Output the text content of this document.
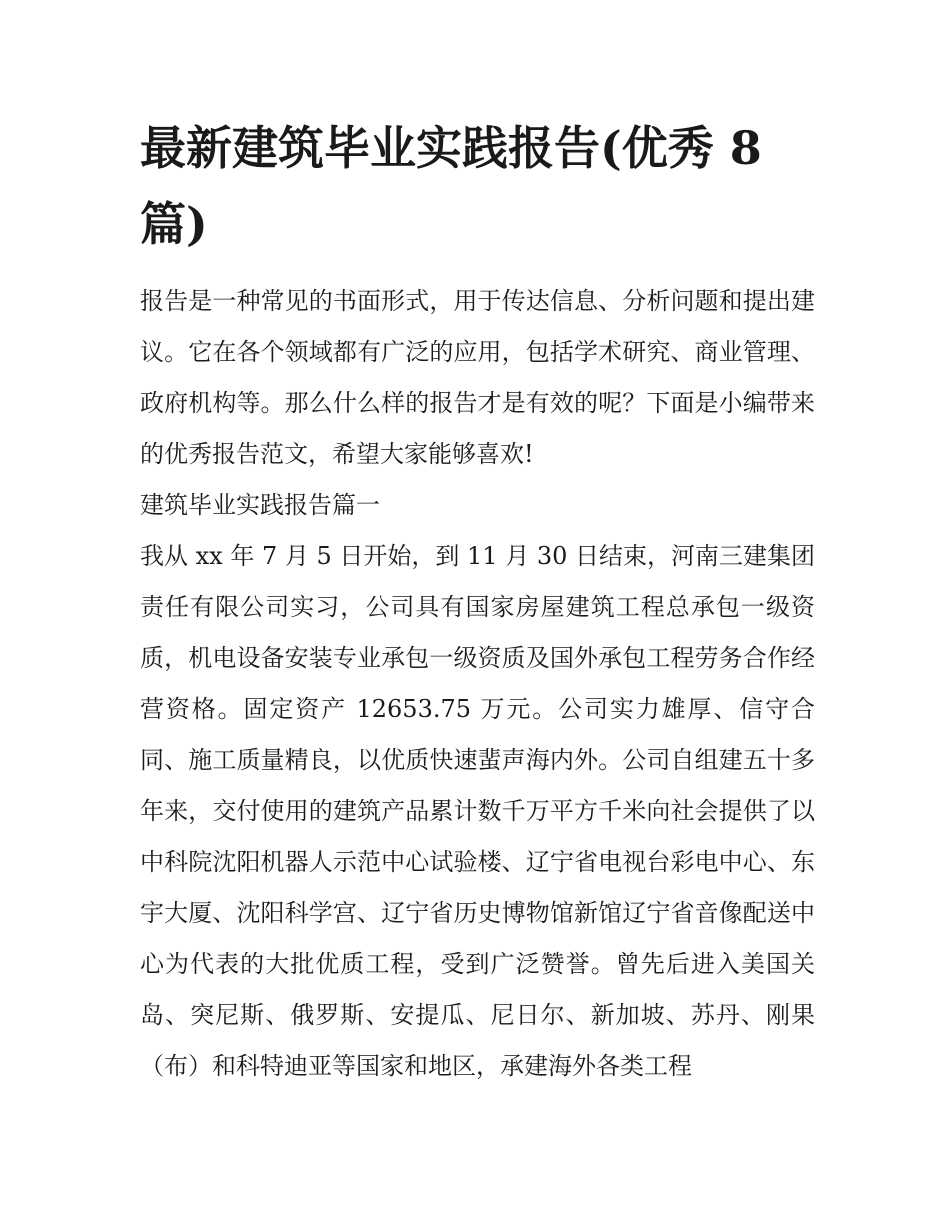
最新建筑毕业实践报告(优秀 8 篇)

报告是一种常见的书面形式，用于传达信息、分析问题和提出建议。它在各个领域都有广泛的应用，包括学术研究、商业管理、政府机构等。那么什么样的报告才是有效的呢？下面是小编带来的优秀报告范文，希望大家能够喜欢!

建筑毕业实践报告篇一

我从 xx 年 7 月 5 日开始，到 11 月 30 日结束，河南三建集团责任有限公司实习，公司具有国家房屋建筑工程总承包一级资质，机电设备安装专业承包一级资质及国外承包工程劳务合作经营资格。固定资产 12653.75 万元。公司实力雄厚、信守合同、施工质量精良，以优质快速蜚声海内外。公司自组建五十多年来，交付使用的建筑产品累计数千万平方千米向社会提供了以中科院沈阳机器人示范中心试验楼、辽宁省电视台彩电中心、东宇大厦、沈阳科学宫、辽宁省历史博物馆新馆辽宁省音像配送中心为代表的大批优质工程，受到广泛赞誉。曾先后进入美国关岛、突尼斯、俄罗斯、安提瓜、尼日尔、新加坡、苏丹、刚果（布）和科特迪亚等国家和地区，承建海外各类工程
